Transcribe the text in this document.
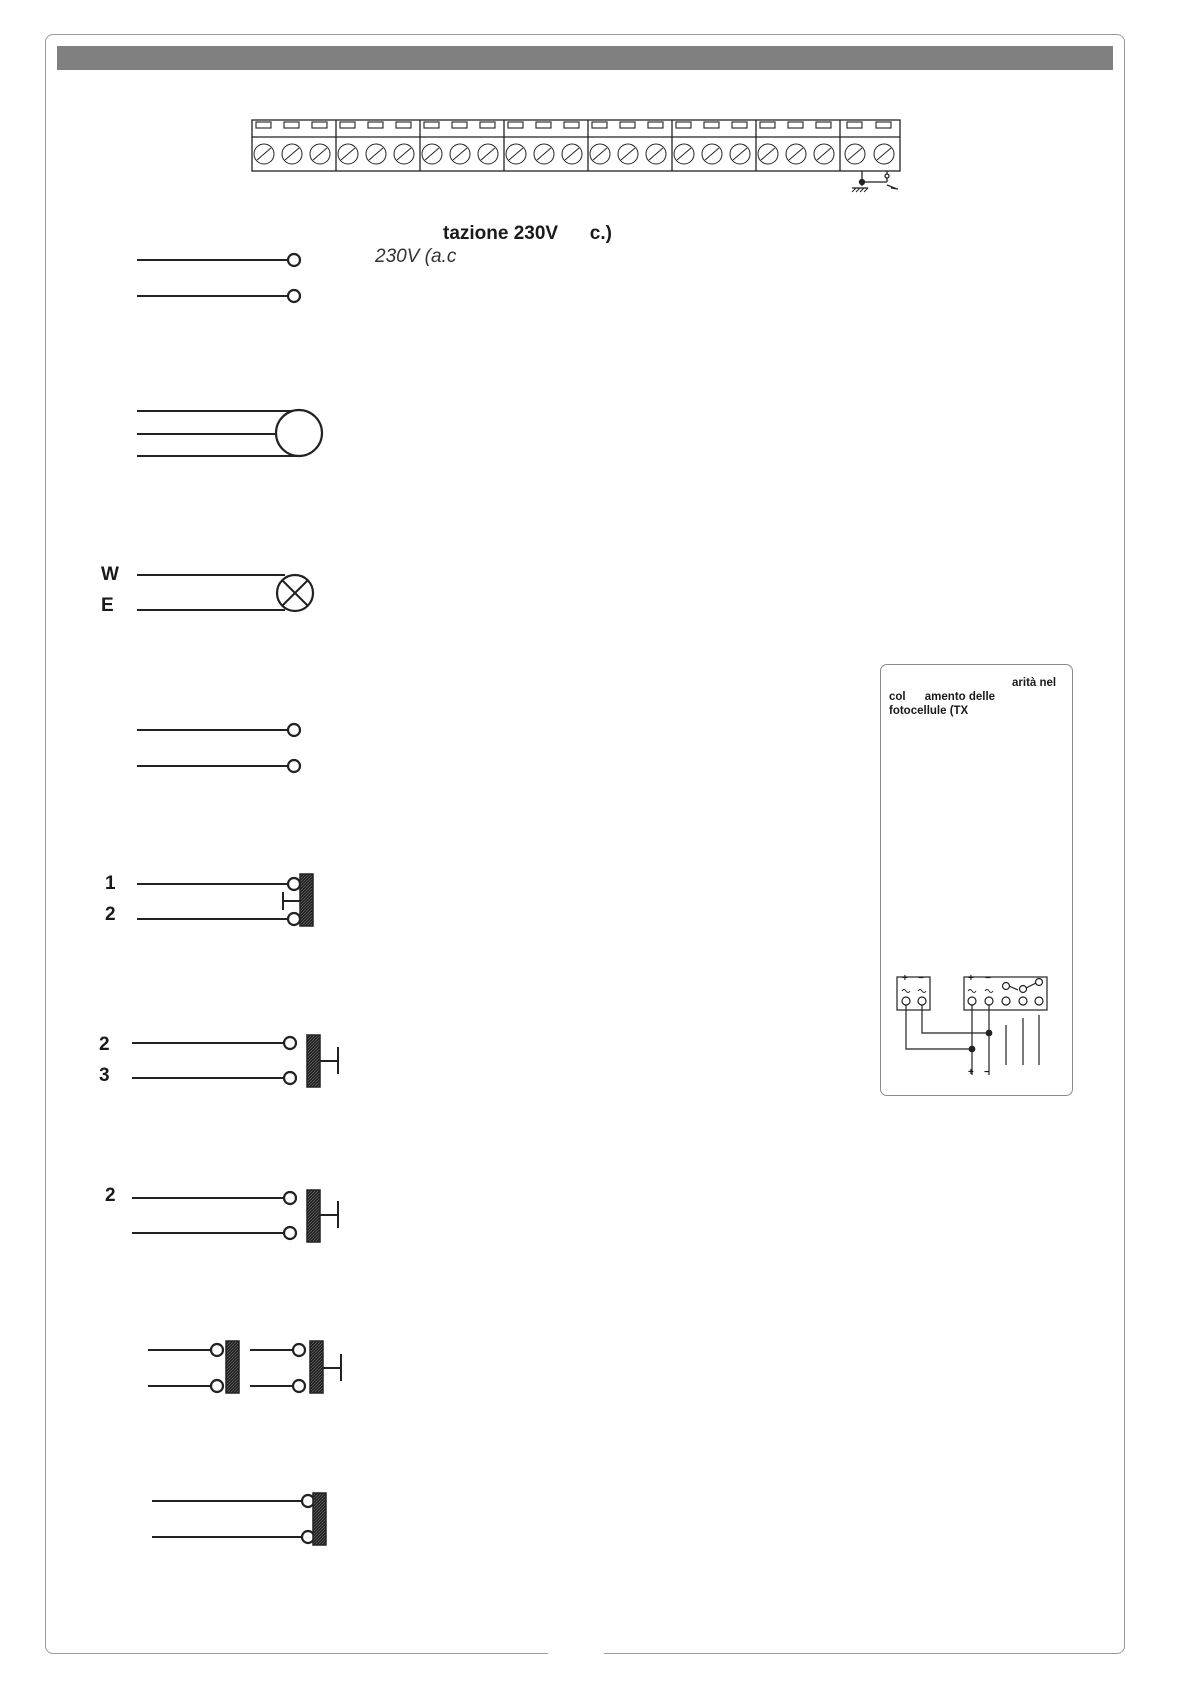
tazione 230V      c.)
230V (a.c
W
E
1
2
2
3
2
arità nel
col      amento delle
fotocellule (TX
+ −	+ −
+ −
